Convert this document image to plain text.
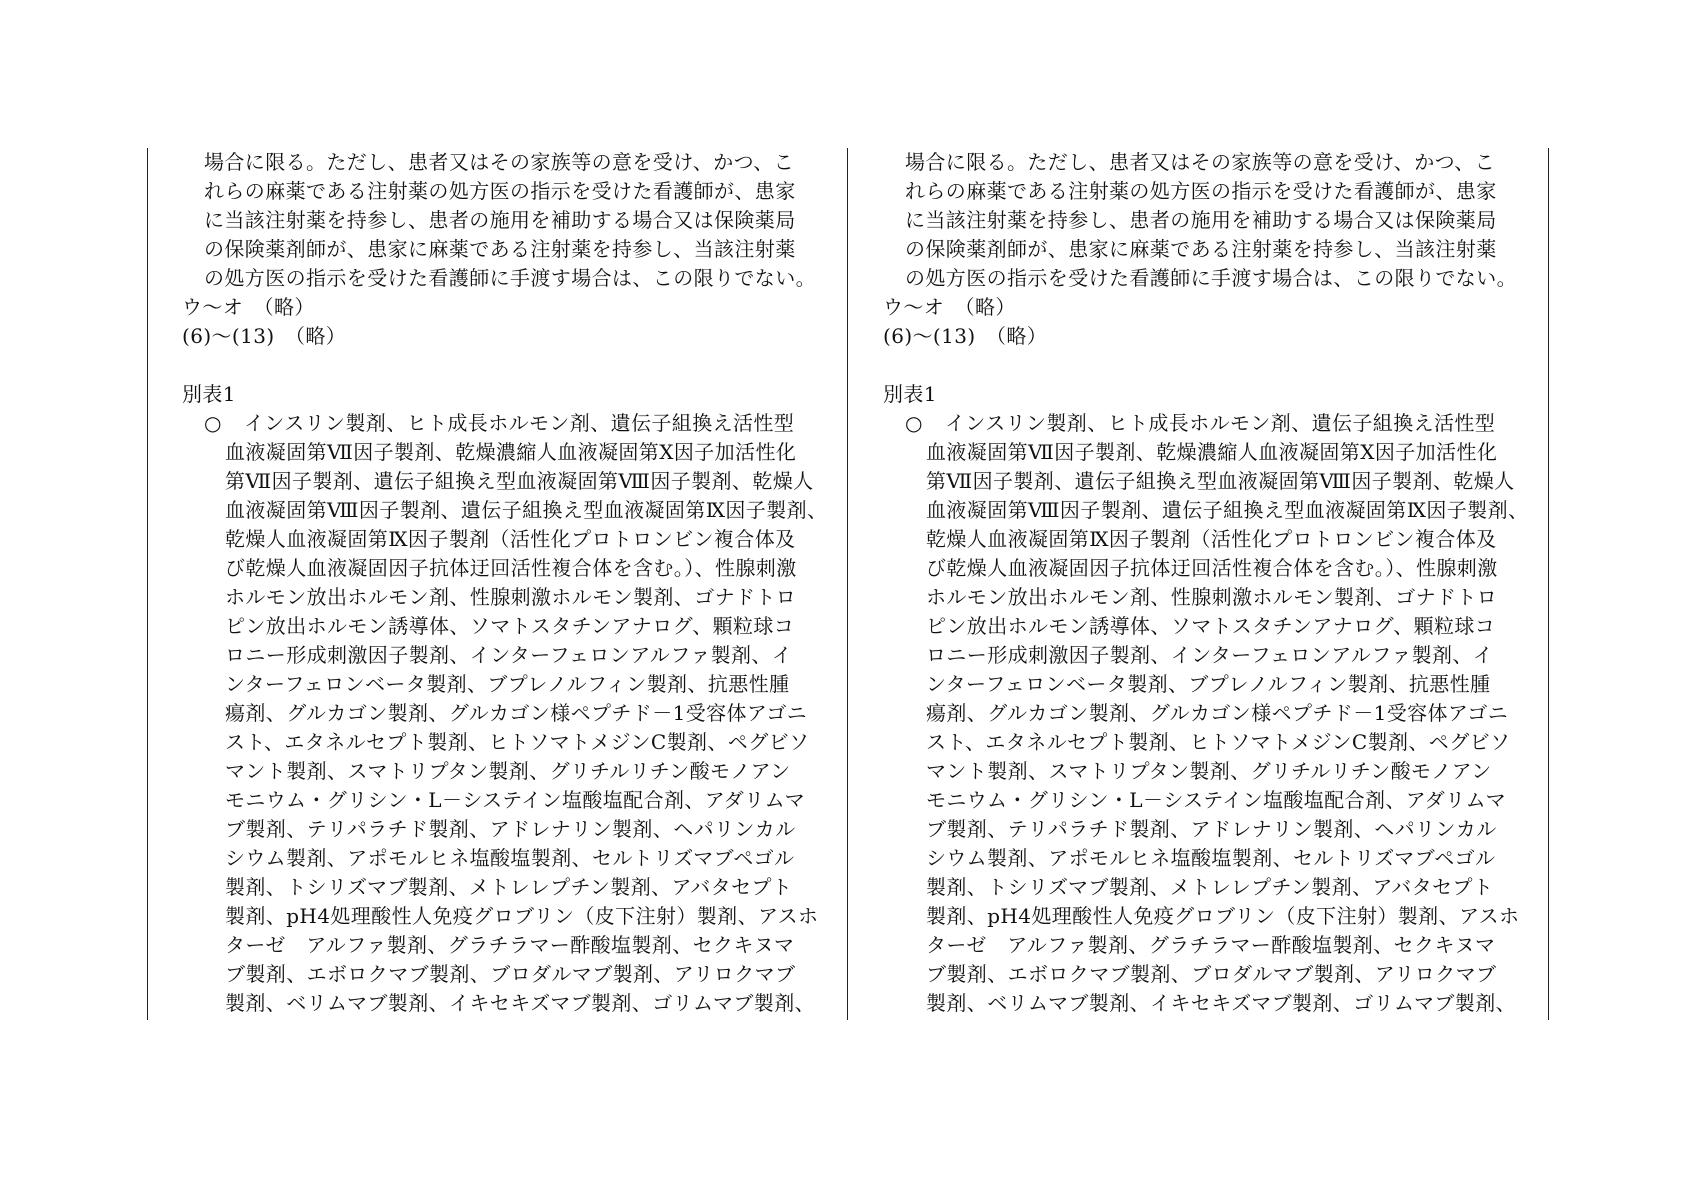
場合に限る。ただし、患者又はその家族等の意を受け、かつ、こ
れらの麻薬である注射薬の処方医の指示を受けた看護師が、患家
に当該注射薬を持参し、患者の施用を補助する場合又は保険薬局
の保険薬剤師が、患家に麻薬である注射薬を持参し、当該注射薬
の処方医の指示を受けた看護師に手渡す場合は、この限りでない。
ウ～オ　（略）
(6)～(13)　（略）
別表1
○ インスリン製剤、ヒト成長ホルモン剤、遺伝子組換え活性型
血液凝固第Ⅶ因子製剤、乾燥濃縮人血液凝固第Ⅹ因子加活性化
第Ⅶ因子製剤、遺伝子組換え型血液凝固第Ⅷ因子製剤、乾燥人
血液凝固第Ⅷ因子製剤、遺伝子組換え型血液凝固第Ⅸ因子製剤、
乾燥人血液凝固第Ⅸ因子製剤（活性化プロトロンビン複合体及
び乾燥人血液凝固因子抗体迂回活性複合体を含む。）、性腺刺激
ホルモン放出ホルモン剤、性腺刺激ホルモン製剤、ゴナドトロ
ピン放出ホルモン誘導体、ソマトスタチンアナログ、顆粒球コ
ロニー形成刺激因子製剤、インターフェロンアルファ製剤、イ
ンターフェロンベータ製剤、ブプレノルフィン製剤、抗悪性腫
瘍剤、グルカゴン製剤、グルカゴン様ペプチド－1受容体アゴニ
スト、エタネルセプト製剤、ヒトソマトメジンC製剤、ペグビソ
マント製剤、スマトリプタン製剤、グリチルリチン酸モノアン
モニウム・グリシン・L－システイン塩酸塩配合剤、アダリムマ
ブ製剤、テリパラチド製剤、アドレナリン製剤、ヘパリンカル
シウム製剤、アポモルヒネ塩酸塩製剤、セルトリズマブペゴル
製剤、トシリズマブ製剤、メトレレプチン製剤、アバタセプト
製剤、pH4処理酸性人免疫グロブリン（皮下注射）製剤、アスホ
ターゼ　アルファ製剤、グラチラマー酢酸塩製剤、セクキヌマ
ブ製剤、エボロクマブ製剤、ブロダルマブ製剤、アリロクマブ
製剤、ベリムマブ製剤、イキセキズマブ製剤、ゴリムマブ製剤、
場合に限る。ただし、患者又はその家族等の意を受け、かつ、こ
れらの麻薬である注射薬の処方医の指示を受けた看護師が、患家
に当該注射薬を持参し、患者の施用を補助する場合又は保険薬局
の保険薬剤師が、患家に麻薬である注射薬を持参し、当該注射薬
の処方医の指示を受けた看護師に手渡す場合は、この限りでない。
ウ～オ　（略）
(6)～(13)　（略）
別表1
○ インスリン製剤、ヒト成長ホルモン剤、遺伝子組換え活性型
血液凝固第Ⅶ因子製剤、乾燥濃縮人血液凝固第Ⅹ因子加活性化
第Ⅶ因子製剤、遺伝子組換え型血液凝固第Ⅷ因子製剤、乾燥人
血液凝固第Ⅷ因子製剤、遺伝子組換え型血液凝固第Ⅸ因子製剤、
乾燥人血液凝固第Ⅸ因子製剤（活性化プロトロンビン複合体及
び乾燥人血液凝固因子抗体迂回活性複合体を含む。）、性腺刺激
ホルモン放出ホルモン剤、性腺刺激ホルモン製剤、ゴナドトロ
ピン放出ホルモン誘導体、ソマトスタチンアナログ、顆粒球コ
ロニー形成刺激因子製剤、インターフェロンアルファ製剤、イ
ンターフェロンベータ製剤、ブプレノルフィン製剤、抗悪性腫
瘍剤、グルカゴン製剤、グルカゴン様ペプチド－1受容体アゴニ
スト、エタネルセプト製剤、ヒトソマトメジンC製剤、ペグビソ
マント製剤、スマトリプタン製剤、グリチルリチン酸モノアン
モニウム・グリシン・L－システイン塩酸塩配合剤、アダリムマ
ブ製剤、テリパラチド製剤、アドレナリン製剤、ヘパリンカル
シウム製剤、アポモルヒネ塩酸塩製剤、セルトリズマブペゴル
製剤、トシリズマブ製剤、メトレレプチン製剤、アバタセプト
製剤、pH4処理酸性人免疫グロブリン（皮下注射）製剤、アスホ
ターゼ　アルファ製剤、グラチラマー酢酸塩製剤、セクキヌマ
ブ製剤、エボロクマブ製剤、ブロダルマブ製剤、アリロクマブ
製剤、ベリムマブ製剤、イキセキズマブ製剤、ゴリムマブ製剤、
